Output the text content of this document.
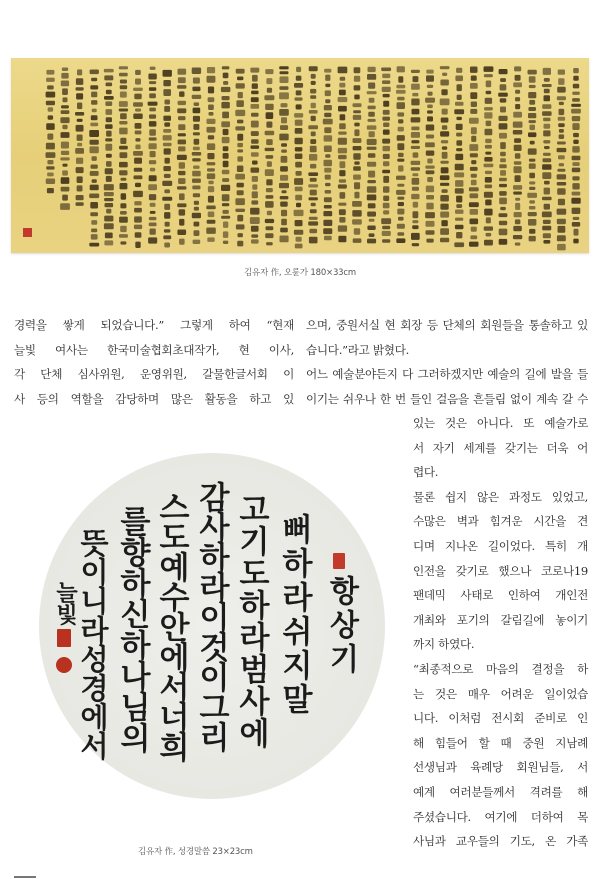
김유자 作, 오륜가 180×33cm
경력을 쌓게 되었습니다.” 그렇게 하여 “현재
늘빛 여사는 한국미술협회초대작가, 현 이사,
각 단체 심사위원, 운영위원, 갈물한글서회 이
사 등의 역할을 감당하며 많은 활동을 하고 있
으며, 중원서실 현 회장 등 단체의 회원들을 통솔하고 있
습니다.”라고 밝혔다.
어느 예술분야든지 다 그러하겠지만 예술의 길에 발을 들
이기는 쉬우나 한 번 들인 걸음을 흔들림 없이 계속 갈 수
있는 것은 아니다. 또 예술가로
서 자기 세계를 갖기는 더욱 어
렵다.
물론 쉽지 않은 과정도 있었고,
수많은 벽과 힘겨운 시간을 견
디며 지나온 길이었다. 특히 개
인전을 갖기로 했으나 코로나19
팬데믹 사태로 인하여 개인전
개최와 포기의 갈림길에 놓이기
까지 하였다.
“최종적으로 마음의 결정을 하
는 것은 매우 어려운 일이었습
니다. 이처럼 전시회 준비로 인
해 힘들어 할 때 중원 지남례
선생님과 육례당 회원님들, 서
예계 여러분들께서 격려를 해
주셨습니다. 여기에 더하여 목
사님과 교우들의 기도, 온 가족
항상기
뻐하라쉬지말
고기도하라범사에
감사하라이것이그리
스도예수안에서너희
를향하신하나님의
뜻이니라성경에서
늘빛
김유자 作, 성경말씀 23×23cm
